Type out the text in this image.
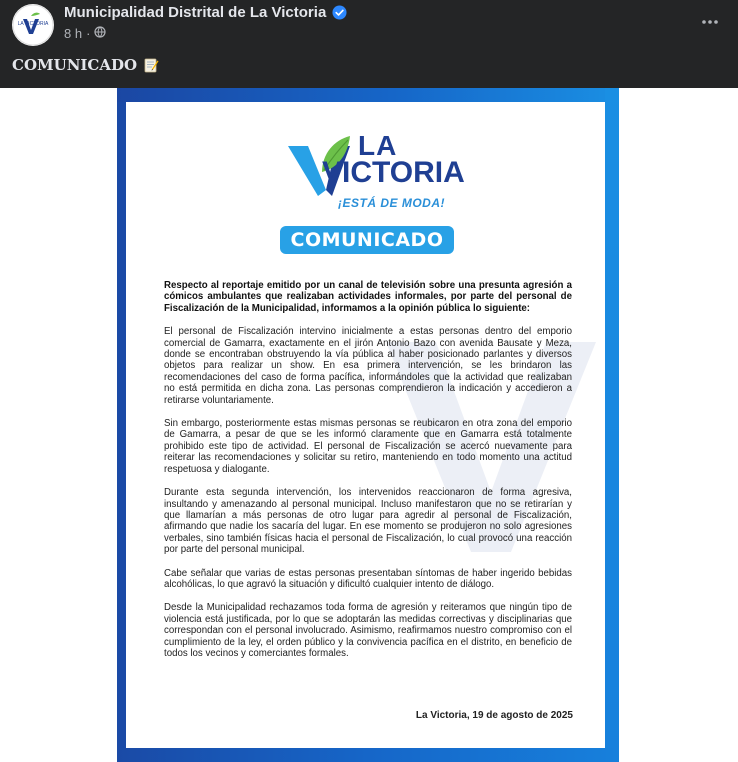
LA VICTORIA
Municipalidad Distrital de La Victoria
8 h ·
COMUNICADO
LA
VICTORIA
¡ESTÁ DE MODA!
COMUNICADO

Respecto al reportaje emitido por un canal de televisión sobre una presunta agresión a cómicos ambulantes que realizaban actividades informales, por parte del personal de Fiscalización de la Municipalidad, informamos a la opinión pública lo siguiente:

El personal de Fiscalización intervino inicialmente a estas personas dentro del emporio comercial de Gamarra, exactamente en el jirón Antonio Bazo con avenida Bausate y Meza, donde se encontraban obstruyendo la vía pública al haber posicionado parlantes y diversos objetos para realizar un show. En esa primera intervención, se les brindaron las recomendaciones del caso de forma pacífica, informándoles que la actividad que realizaban no está permitida en dicha zona. Las personas comprendieron la indicación y accedieron a retirarse voluntariamente.

Sin embargo, posteriormente estas mismas personas se reubicaron en otra zona del emporio de Gamarra, a pesar de que se les informó claramente que en Gamarra está totalmente prohibido este tipo de actividad. El personal de Fiscalización se acercó nuevamente para reiterar las recomendaciones y solicitar su retiro, manteniendo en todo momento una actitud respetuosa y dialogante.

Durante esta segunda intervención, los intervenidos reaccionaron de forma agresiva, insultando y amenazando al personal municipal. Incluso manifestaron que no se retirarían y que llamarían a más personas de otro lugar para agredir al personal de Fiscalización, afirmando que nadie los sacaría del lugar. En ese momento se produjeron no solo agresiones verbales, sino también físicas hacia el personal de Fiscalización, lo cual provocó una reacción por parte del personal municipal.

Cabe señalar que varias de estas personas presentaban síntomas de haber ingerido bebidas alcohólicas, lo que agravó la situación y dificultó cualquier intento de diálogo.

Desde la Municipalidad rechazamos toda forma de agresión y reiteramos que ningún tipo de violencia está justificada, por lo que se adoptarán las medidas correctivas y disciplinarias que correspondan con el personal involucrado. Asimismo, reafirmamos nuestro compromiso con el cumplimiento de la ley, el orden público y la convivencia pacífica en el distrito, en beneficio de todos los vecinos y comerciantes formales.

La Victoria, 19 de agosto de 2025
